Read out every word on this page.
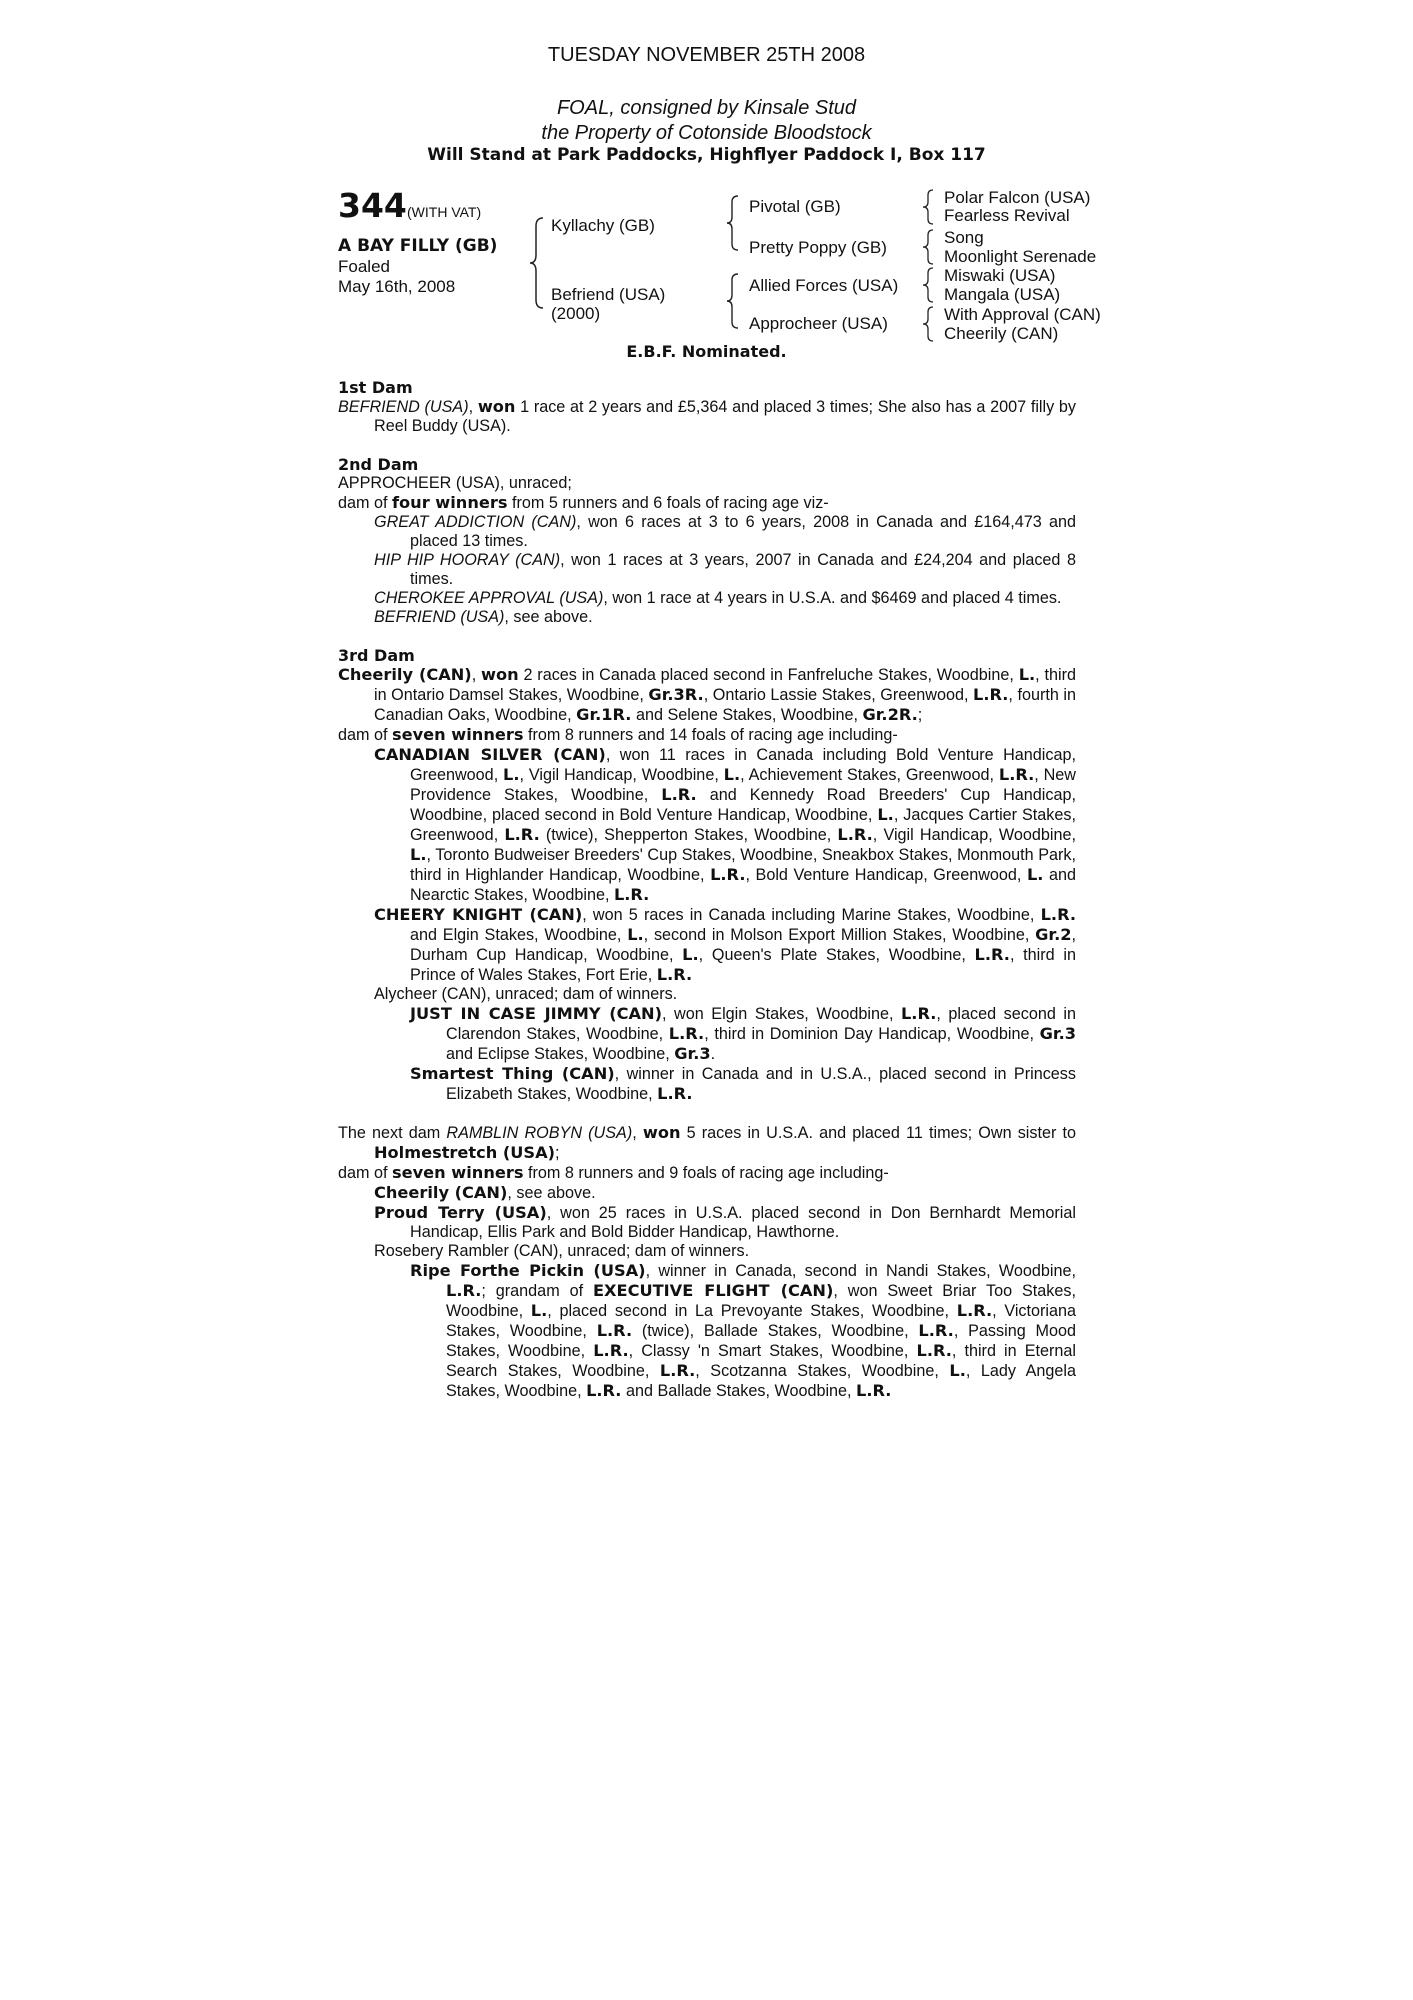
TUESDAY NOVEMBER 25TH 2008
FOAL, consigned by Kinsale Stud
the Property of Cotonside Bloodstock
Will Stand at Park Paddocks, Highflyer Paddock I, Box 117
344 (WITH VAT)
A BAY FILLY (GB)
Foaled
May 16th, 2008
Kyllachy (GB)
Befriend (USA)
(2000)
Pivotal (GB)
Pretty Poppy (GB)
Allied Forces (USA)
Approcheer (USA)
Polar Falcon (USA)
Fearless Revival
Song
Moonlight Serenade
Miswaki (USA)
Mangala (USA)
With Approval (CAN)
Cheerily (CAN)
E.B.F. Nominated.
1st Dam

BEFRIEND (USA), won 1 race at 2 years and £5,364 and placed 3 times; She also has a 2007 filly by Reel Buddy (USA).

2nd Dam

APPROCHEER (USA), unraced;

dam of four winners from 5 runners and 6 foals of racing age viz-

GREAT ADDICTION (CAN), won 6 races at 3 to 6 years, 2008 in Canada and £164,473 and placed 13 times.

HIP HIP HOORAY (CAN), won 1 races at 3 years, 2007 in Canada and £24,204 and placed 8 times.

CHEROKEE APPROVAL (USA), won 1 race at 4 years in U.S.A. and $6469 and placed 4 times.

BEFRIEND (USA), see above.

3rd Dam

Cheerily (CAN), won 2 races in Canada placed second in Fanfreluche Stakes, Woodbine, L., third in Ontario Damsel Stakes, Woodbine, Gr.3R., Ontario Lassie Stakes, Greenwood, L.R., fourth in Canadian Oaks, Woodbine, Gr.1R. and Selene Stakes, Woodbine, Gr.2R.;

dam of seven winners from 8 runners and 14 foals of racing age including-

CANADIAN SILVER (CAN), won 11 races in Canada including Bold Venture Handicap, Greenwood, L., Vigil Handicap, Woodbine, L., Achievement Stakes, Greenwood, L.R., New Providence Stakes, Woodbine, L.R. and Kennedy Road Breeders' Cup Handicap, Woodbine, placed second in Bold Venture Handicap, Woodbine, L., Jacques Cartier Stakes, Greenwood, L.R. (twice), Shepperton Stakes, Woodbine, L.R., Vigil Handicap, Woodbine, L., Toronto Budweiser Breeders' Cup Stakes, Woodbine, Sneakbox Stakes, Monmouth Park, third in Highlander Handicap, Woodbine, L.R., Bold Venture Handicap, Greenwood, L. and Nearctic Stakes, Woodbine, L.R.

CHEERY KNIGHT (CAN), won 5 races in Canada including Marine Stakes, Woodbine, L.R. and Elgin Stakes, Woodbine, L., second in Molson Export Million Stakes, Woodbine, Gr.2, Durham Cup Handicap, Woodbine, L., Queen's Plate Stakes, Woodbine, L.R., third in Prince of Wales Stakes, Fort Erie, L.R.

Alycheer (CAN), unraced; dam of winners.

JUST IN CASE JIMMY (CAN), won Elgin Stakes, Woodbine, L.R., placed second in Clarendon Stakes, Woodbine, L.R., third in Dominion Day Handicap, Woodbine, Gr.3 and Eclipse Stakes, Woodbine, Gr.3.

Smartest Thing (CAN), winner in Canada and in U.S.A., placed second in Princess Elizabeth Stakes, Woodbine, L.R.

The next dam RAMBLIN ROBYN (USA), won 5 races in U.S.A. and placed 11 times; Own sister to Holmestretch (USA);

dam of seven winners from 8 runners and 9 foals of racing age including-

Cheerily (CAN), see above.

Proud Terry (USA), won 25 races in U.S.A. placed second in Don Bernhardt Memorial Handicap, Ellis Park and Bold Bidder Handicap, Hawthorne.

Rosebery Rambler (CAN), unraced; dam of winners.

Ripe Forthe Pickin (USA), winner in Canada, second in Nandi Stakes, Woodbine, L.R.; grandam of EXECUTIVE FLIGHT (CAN), won Sweet Briar Too Stakes, Woodbine, L., placed second in La Prevoyante Stakes, Woodbine, L.R., Victoriana Stakes, Woodbine, L.R. (twice), Ballade Stakes, Woodbine, L.R., Passing Mood Stakes, Woodbine, L.R., Classy 'n Smart Stakes, Woodbine, L.R., third in Eternal Search Stakes, Woodbine, L.R., Scotzanna Stakes, Woodbine, L., Lady Angela Stakes, Woodbine, L.R. and Ballade Stakes, Woodbine, L.R.
